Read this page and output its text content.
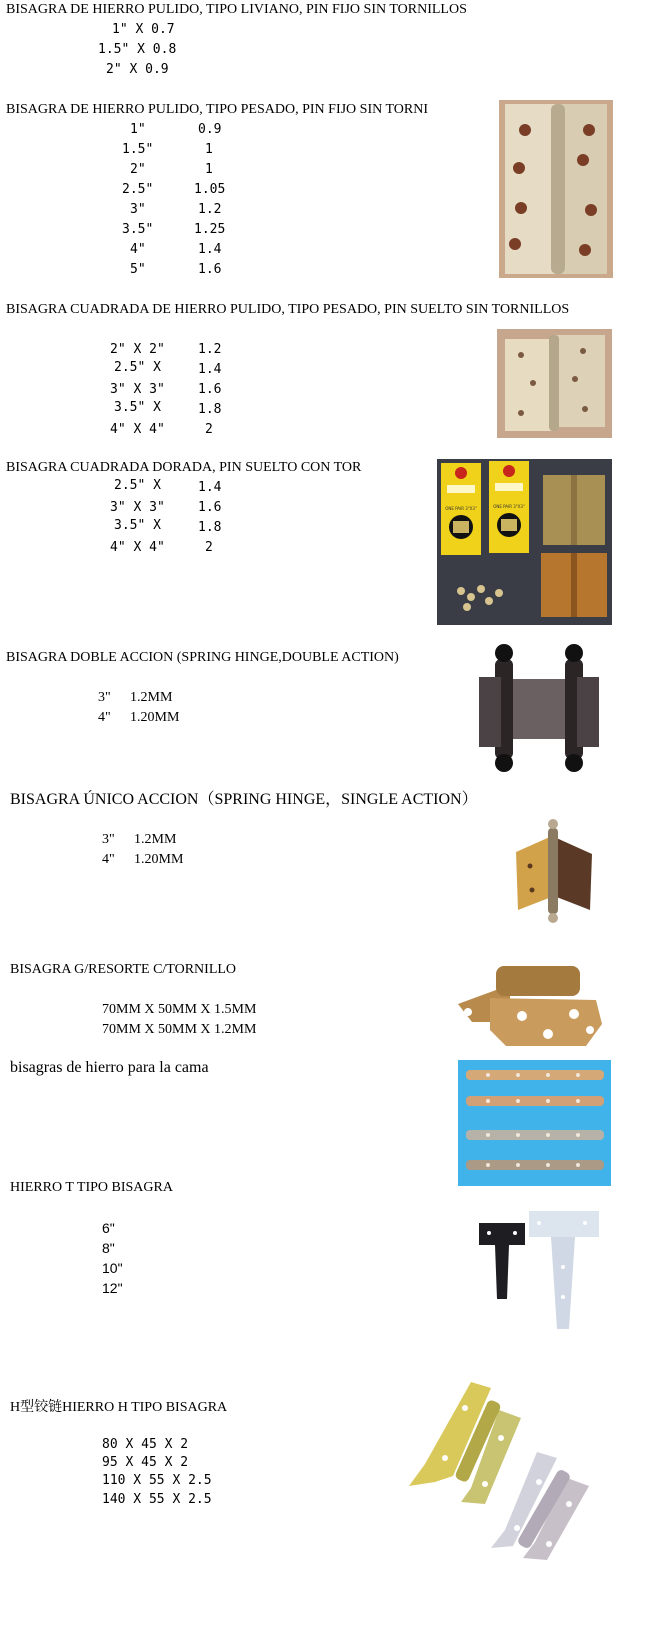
BISAGRA DE HIERRO PULIDO, TIPO LIVIANO, PIN FIJO SIN TORNILLOS
1" X 0.7
1.5" X 0.8
2" X 0.9
BISAGRA DE HIERRO PULIDO, TIPO PESADO, PIN FIJO SIN TORNI
1"	0.9
1.5"	1
2"	1
2.5"	1.05
3"	1.2
3.5"	1.25
4"	1.4
5"	1.6
BISAGRA CUADRADA DE HIERRO PULIDO, TIPO PESADO, PIN SUELTO SIN TORNILLOS
2" X 2"	1.2
2.5" X	1.4
3" X 3"	1.6
3.5" X	1.8
4" X 4"	2
BISAGRA CUADRADA DORADA, PIN SUELTO CON TOR
2.5" X	1.4
3" X 3"	1.6
3.5" X	1.8
4" X 4"	2
ONE PAIR 3"X3"	ONE PAIR 3"X3"
BISAGRA DOBLE ACCION (SPRING HINGE,DOUBLE ACTION)
3" 1.2MM
4" 1.20MM
BISAGRA ÚNICO ACCION（SPRING HINGE，SINGLE ACTION）
3" 1.2MM
4" 1.20MM
BISAGRA G/RESORTE C/TORNILLO
70MM X 50MM X 1.5MM
70MM X 50MM X 1.2MM
bisagras de hierro para la cama
HIERRO T TIPO BISAGRA
6"
8"
10"
12"
H型铰链HIERRO H TIPO BISAGRA
80 X 45 X 2
95 X 45 X 2
110 X 55 X 2.5
140 X 55 X 2.5
